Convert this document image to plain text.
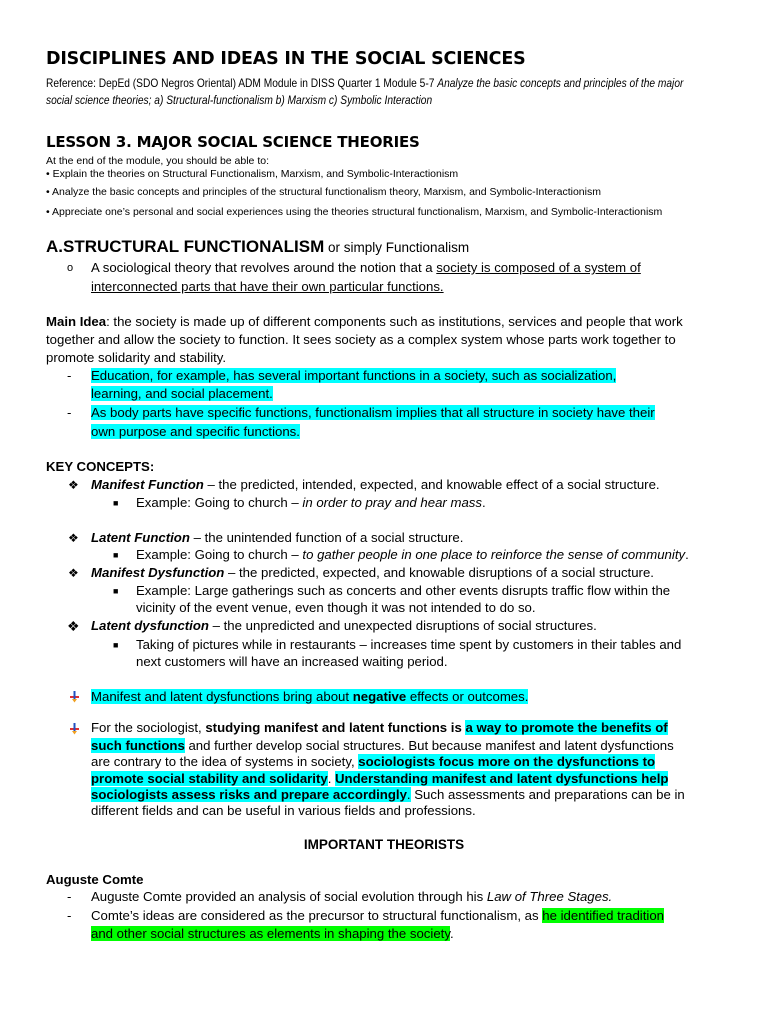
DISCIPLINES AND IDEAS IN THE SOCIAL SCIENCES
Reference: DepEd (SDO Negros Oriental) ADM Module in DISS Quarter 1 Module 5-7 Analyze the basic concepts and principles of the major
social science theories; a) Structural-functionalism b) Marxism c) Symbolic Interaction
LESSON 3. MAJOR SOCIAL SCIENCE THEORIES
At the end of the module, you should be able to:
• Explain the theories on Structural Functionalism, Marxism, and Symbolic-Interactionism
• Analyze the basic concepts and principles of the structural functionalism theory, Marxism, and Symbolic-Interactionism
• Appreciate one’s personal and social experiences using the theories structural functionalism, Marxism, and Symbolic-Interactionism
A.STRUCTURAL FUNCTIONALISM or simply Functionalism
o A sociological theory that revolves around the notion that a society is composed of a system of
interconnected parts that have their own particular functions.
Main Idea: the society is made up of different components such as institutions, services and people that work
together and allow the society to function. It sees society as a complex system whose parts work together to
promote solidarity and stability.
- Education, for example, has several important functions in a society, such as socialization,
learning, and social placement.
- As body parts have specific functions, functionalism implies that all structure in society have their
own purpose and specific functions.
KEY CONCEPTS:
❖ Manifest Function – the predicted, intended, expected, and knowable effect of a social structure.
■ Example: Going to church – in order to pray and hear mass.
❖ Latent Function – the unintended function of a social structure.
■ Example: Going to church – to gather people in one place to reinforce the sense of community.
❖ Manifest Dysfunction – the predicted, expected, and knowable disruptions of a social structure.
■ Example: Large gatherings such as concerts and other events disrupts traffic flow within the
vicinity of the event venue, even though it was not intended to do so.
❖ Latent dysfunction – the unpredicted and unexpected disruptions of social structures.
■ Taking of pictures while in restaurants – increases time spent by customers in their tables and
next customers will have an increased waiting period.
Manifest and latent dysfunctions bring about negative effects or outcomes.
For the sociologist, studying manifest and latent functions is a way to promote the benefits of
such functions and further develop social structures. But because manifest and latent dysfunctions
are contrary to the idea of systems in society, sociologists focus more on the dysfunctions to
promote social stability and solidarity. Understanding manifest and latent dysfunctions help
sociologists assess risks and prepare accordingly. Such assessments and preparations can be in
different fields and can be useful in various fields and professions.
IMPORTANT THEORISTS
Auguste Comte
- Auguste Comte provided an analysis of social evolution through his Law of Three Stages.
- Comte’s ideas are considered as the precursor to structural functionalism, as he identified tradition
and other social structures as elements in shaping the society.
